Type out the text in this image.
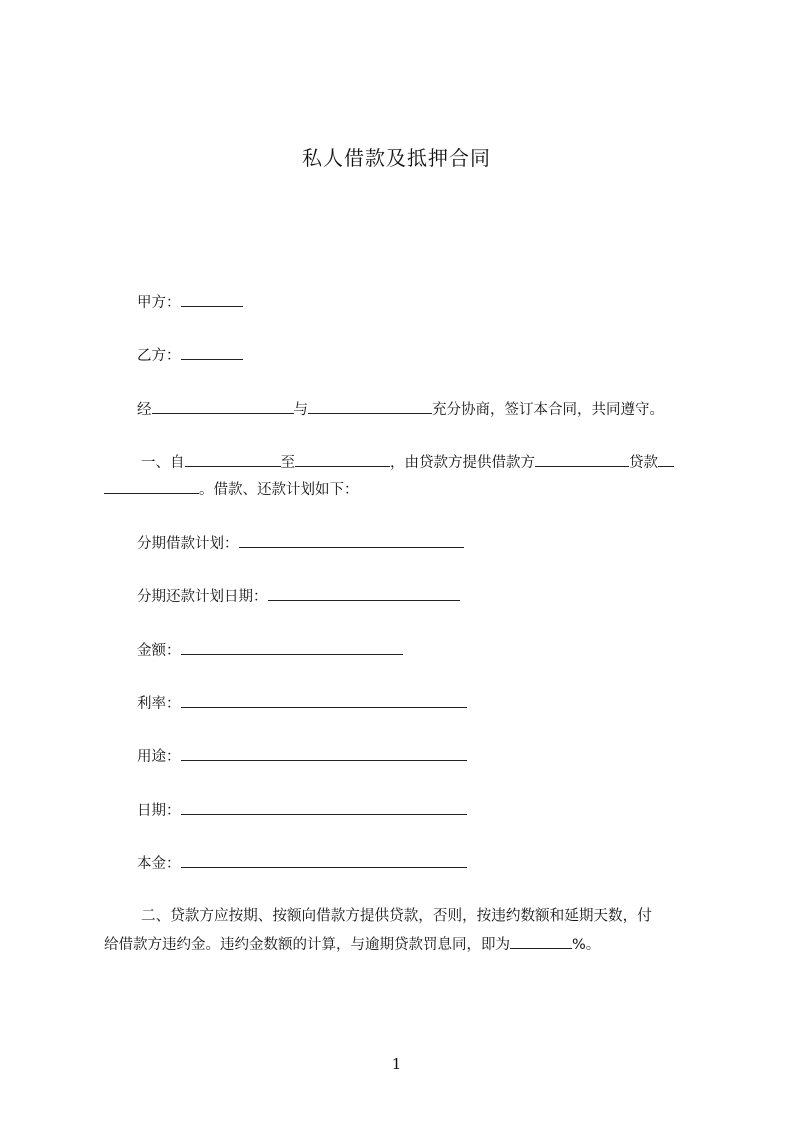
私人借款及抵押合同
甲方：
乙方：
经	与	充分协商，签订本合同，共同遵守。
一、自	至	，由贷款方提供借款方	贷款
。借款、还款计划如下：
分期借款计划：
分期还款计划日期：
金额：
利率：
用途：
日期：
本金：
二、贷款方应按期、按额向借款方提供贷款，否则，按违约数额和延期天数，付
给借款方违约金。违约金数额的计算，与逾期贷款罚息同，即为	%。
1
